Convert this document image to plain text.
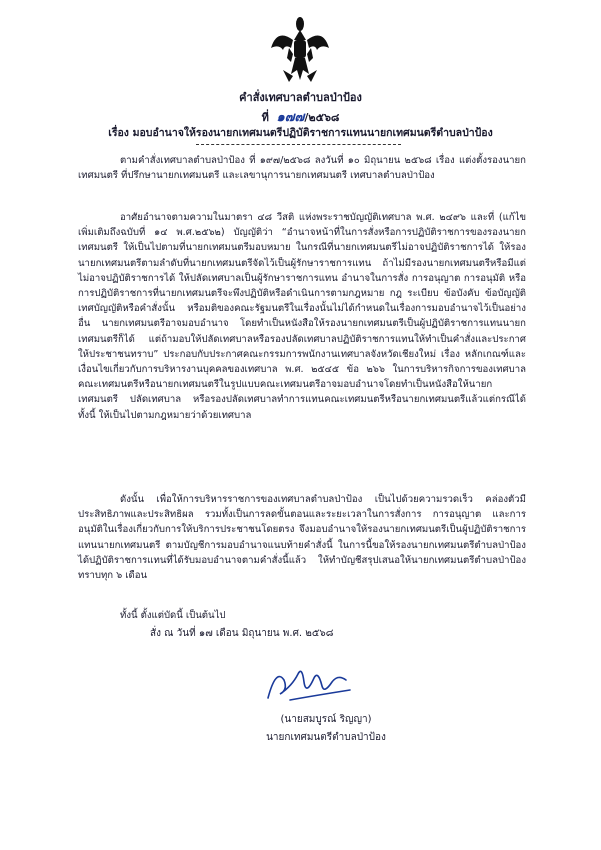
คำสั่งเทศบาลตำบลป่าป้อง
ที่ ๑๗๗/๒๕๖๘
เรื่อง มอบอำนาจให้รองนายกเทศมนตรีปฏิบัติราชการแทนนายกเทศมนตรีตำบลป่าป้อง
ตามคำสั่งเทศบาลตำบลป่าป้อง ที่ ๑๙๗/๒๕๖๘ ลงวันที่ ๑๐ มิถุนายน ๒๕๖๘ เรื่อง แต่งตั้งรองนายกเทศมนตรี ที่ปรึกษานายกเทศมนตรี และเลขานุการนายกเทศมนตรี เทศบาลตำบลป่าป้อง
อาศัยอำนาจตามความในมาตรา ๔๘ วีสติ แห่งพระราชบัญญัติเทศบาล พ.ศ. ๒๔๙๖ และที่ (แก้ไขเพิ่มเติมถึงฉบับที่ ๑๔ พ.ศ.๒๕๖๒) บัญญัติว่า “อำนาจหน้าที่ในการสั่งหรือการปฏิบัติราชการของรองนายกเทศมนตรี ให้เป็นไปตามที่นายกเทศมนตรีมอบหมาย ในกรณีที่นายกเทศมนตรีไม่อาจปฏิบัติราชการได้ ให้รองนายกเทศมนตรีตามลำดับที่นายกเทศมนตรีจัดไว้เป็นผู้รักษาราชการแทน ถ้าไม่มีรองนายกเทศมนตรีหรือมีแต่ไม่อาจปฏิบัติราชการได้ ให้ปลัดเทศบาลเป็นผู้รักษาราชการแทน อำนาจในการสั่ง การอนุญาต การอนุมัติ หรือการปฏิบัติราชการที่นายกเทศมนตรีจะพึงปฏิบัติหรือดำเนินการตามกฎหมาย กฎ ระเบียบ ข้อบังคับ ข้อบัญญัติ เทศบัญญัติหรือคำสั่งนั้น หรือมติของคณะรัฐมนตรีในเรื่องนั้นไม่ได้กำหนดในเรื่องการมอบอำนาจไว้เป็นอย่างอื่น นายกเทศมนตรีอาจมอบอำนาจ โดยทำเป็นหนังสือให้รองนายกเทศมนตรีเป็นผู้ปฏิบัติราชการแทนนายกเทศมนตรีก็ได้ แต่ถ้ามอบให้ปลัดเทศบาลหรือรองปลัดเทศบาลปฏิบัติราชการแทนให้ทำเป็นคำสั่งและประกาศให้ประชาชนทราบ” ประกอบกับประกาศคณะกรรมการพนักงานเทศบาลจังหวัดเชียงใหม่ เรื่อง หลักเกณฑ์และเงื่อนไขเกี่ยวกับการบริหารงานบุคคลของเทศบาล พ.ศ. ๒๕๔๕ ข้อ ๒๖๖ ในการบริหารกิจการของเทศบาล คณะเทศมนตรีหรือนายกเทศมนตรีในรูปแบบคณะเทศมนตรีอาจมอบอำนาจโดยทำเป็นหนังสือให้นายกเทศมนตรี ปลัดเทศบาล หรือรองปลัดเทศบาลทำการแทนคณะเทศมนตรีหรือนายกเทศมนตรีแล้วแต่กรณีได้ ทั้งนี้ ให้เป็นไปตามกฎหมายว่าด้วยเทศบาล
ดังนั้น เพื่อให้การบริหารราชการของเทศบาลตำบลป่าป้อง เป็นไปด้วยความรวดเร็ว คล่องตัวมีประสิทธิภาพและประสิทธิผล รวมทั้งเป็นการลดขั้นตอนและระยะเวลาในการสั่งการ การอนุญาต และการอนุมัติในเรื่องเกี่ยวกับการให้บริการประชาชนโดยตรง จึงมอบอำนาจให้รองนายกเทศมนตรีเป็นผู้ปฏิบัติราชการแทนนายกเทศมนตรี ตามบัญชีการมอบอำนาจแนบท้ายคำสั่งนี้ ในการนี้ขอให้รองนายกเทศมนตรีตำบลป่าป้อง ได้ปฏิบัติราชการแทนที่ได้รับมอบอำนาจตามคำสั่งนี้แล้ว ให้ทำบัญชีสรุปเสนอให้นายกเทศมนตรีตำบลป่าป้อง ทราบทุก ๖ เดือน
ทั้งนี้ ตั้งแต่บัดนี้ เป็นต้นไป
สั่ง ณ วันที่ ๑๗ เดือน มิถุนายน พ.ศ. ๒๕๖๘
(นายสมบูรณ์ ริญญา)
นายกเทศมนตรีตำบลป่าป้อง
